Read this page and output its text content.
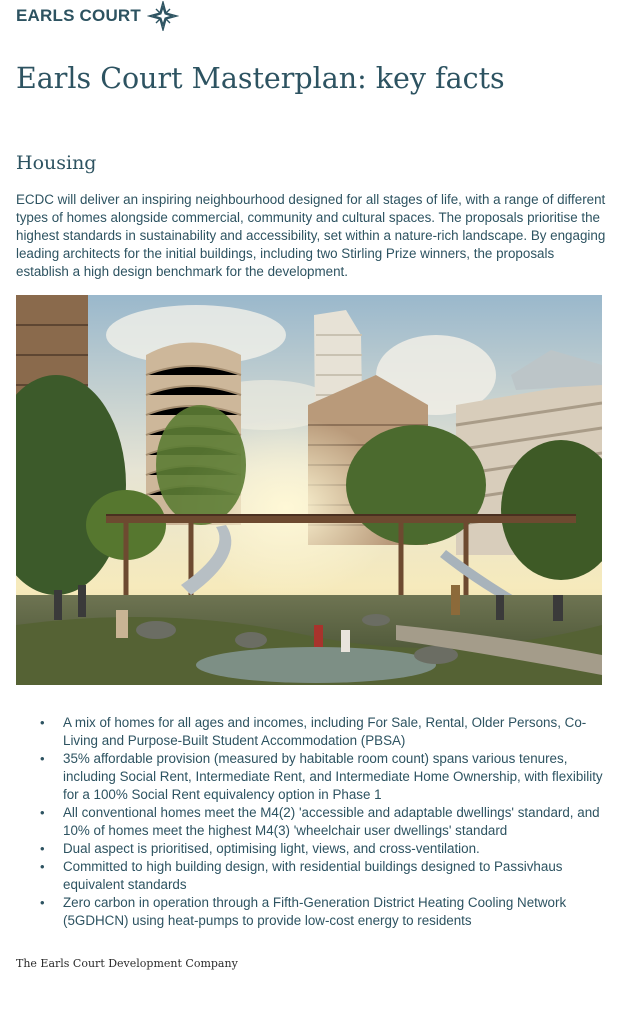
EARLS COURT
Earls Court Masterplan: key facts
Housing

ECDC will deliver an inspiring neighbourhood designed for all stages of life, with a range of different types of homes alongside commercial, community and cultural spaces. The proposals prioritise the highest standards in sustainability and accessibility, set within a nature-rich landscape. By engaging leading architects for the initial buildings, including two Stirling Prize winners, the proposals establish a high design benchmark for the development.

• A mix of homes for all ages and incomes, including For Sale, Rental, Older Persons, Co-Living and Purpose-Built Student Accommodation (PBSA)
• 35% affordable provision (measured by habitable room count) spans various tenures, including Social Rent, Intermediate Rent, and Intermediate Home Ownership, with flexibility for a 100% Social Rent equivalency option in Phase 1
• All conventional homes meet the M4(2) 'accessible and adaptable dwellings' standard, and 10% of homes meet the highest M4(3) 'wheelchair user dwellings' standard
• Dual aspect is prioritised, optimising light, views, and cross-ventilation.
• Committed to high building design, with residential buildings designed to Passivhaus equivalent standards
• Zero carbon in operation through a Fifth-Generation District Heating Cooling Network (5GDHCN) using heat-pumps to provide low-cost energy to residents

The Earls Court Development Company
